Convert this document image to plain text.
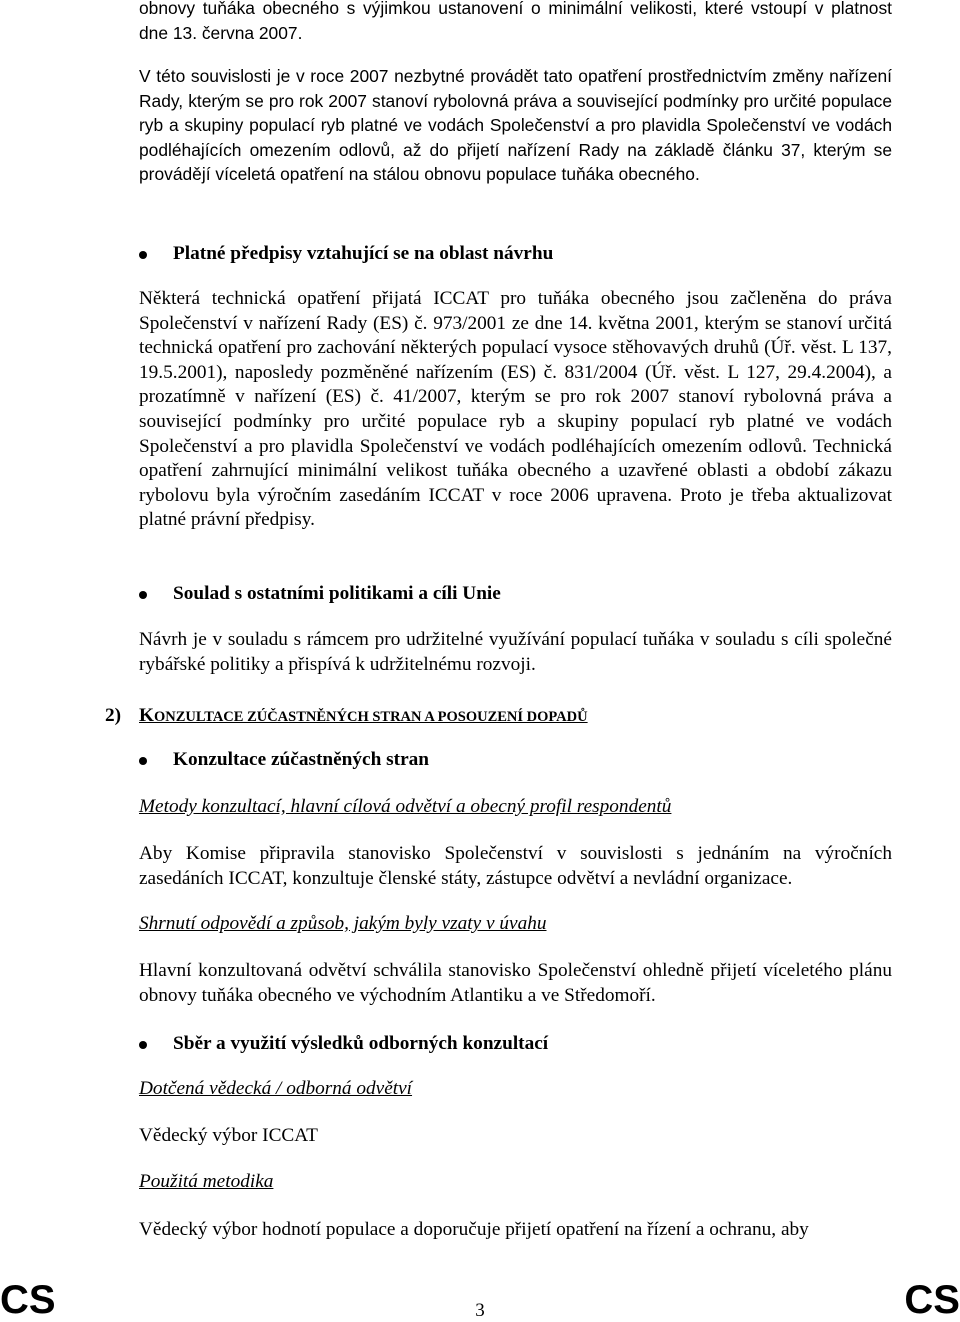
obnovy tuňáka obecného s výjimkou ustanovení o minimální velikosti, které vstoupí v platnost dne 13. června 2007.

V této souvislosti je v roce 2007 nezbytné provádět tato opatření prostřednictvím změny nařízení Rady, kterým se pro rok 2007 stanoví rybolovná práva a související podmínky pro určité populace ryb a skupiny populací ryb platné ve vodách Společenství a pro plavidla Společenství ve vodách podléhajících omezením odlovů, až do přijetí nařízení Rady na základě článku 37, kterým se provádějí víceletá opatření na stálou obnovu populace tuňáka obecného.

Platné předpisy vztahující se na oblast návrhu

Některá technická opatření přijatá ICCAT pro tuňáka obecného jsou začleněna do práva Společenství v nařízení Rady (ES) č. 973/2001 ze dne 14. května 2001, kterým se stanoví určitá technická opatření pro zachování některých populací vysoce stěhovavých druhů (Úř. věst. L 137, 19.5.2001), naposledy pozměněné nařízením (ES) č. 831/2004 (Úř. věst. L 127, 29.4.2004), a prozatímně v nařízení (ES) č. 41/2007, kterým se pro rok 2007 stanoví rybolovná práva a související podmínky pro určité populace ryb a skupiny populací ryb platné ve vodách Společenství a pro plavidla Společenství ve vodách podléhajících omezením odlovů. Technická opatření zahrnující minimální velikost tuňáka obecného a uzavřené oblasti a období zákazu rybolovu byla výročním zasedáním ICCAT v roce 2006 upravena. Proto je třeba aktualizovat platné právní předpisy.

Soulad s ostatními politikami a cíli Unie

Návrh je v souladu s rámcem pro udržitelné využívání populací tuňáka v souladu s cíli společné rybářské politiky a přispívá k udržitelnému rozvoji.

2) KONZULTACE ZÚČASTNĚNÝCH STRAN A POSOUZENÍ DOPADŮ
Konzultace zúčastněných stran
Metody konzultací, hlavní cílová odvětví a obecný profil respondentů

Aby Komise připravila stanovisko Společenství v souvislosti s jednáním na výročních zasedáních ICCAT, konzultuje členské státy, zástupce odvětví a nevládní organizace.

Shrnutí odpovědí a způsob, jakým byly vzaty v úvahu

Hlavní konzultovaná odvětví schválila stanovisko Společenství ohledně přijetí víceletého plánu obnovy tuňáka obecného ve východním Atlantiku a ve Středomoří.

Sběr a využití výsledků odborných konzultací
Dotčená vědecká / odborná odvětví

Vědecký výbor ICCAT

Použitá metodika

Vědecký výbor hodnotí populace a doporučuje přijetí opatření na řízení a ochranu, aby

CS	3	CS
